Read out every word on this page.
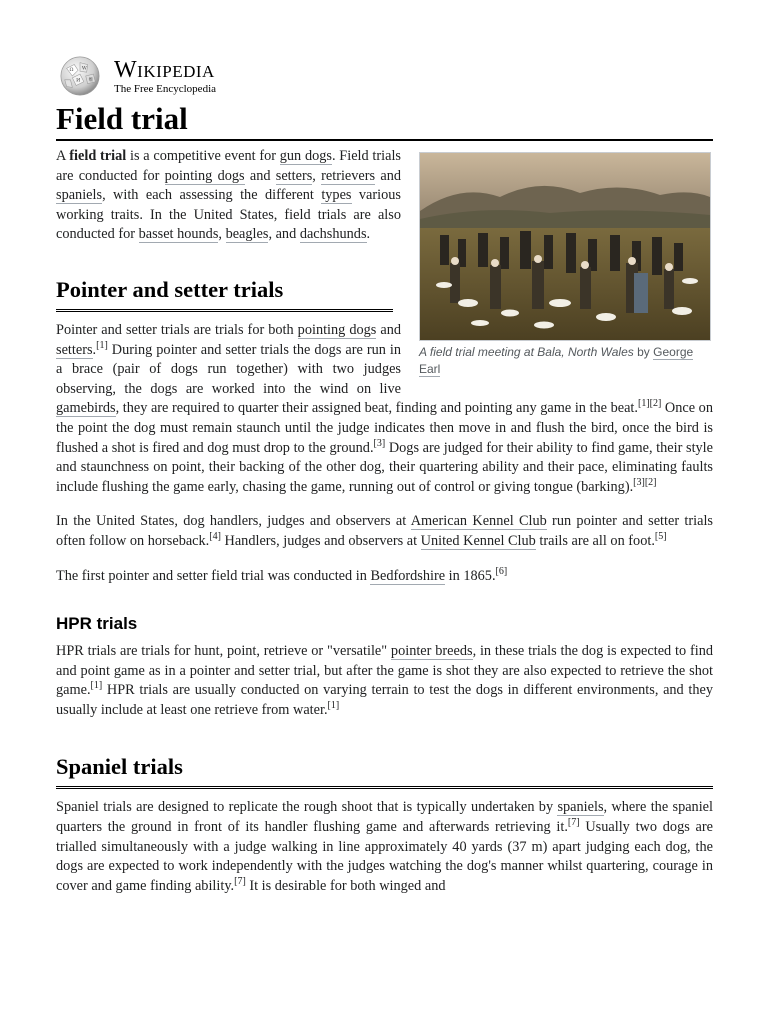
Ω W
И 维 Wikipedia
The Free Encyclopedia
Field trial
A field trial meeting at Bala, North Wales by George Earl

A field trial is a competitive event for gun dogs. Field trials are conducted for pointing dogs and setters, retrievers and spaniels, with each assessing the different types various working traits. In the United States, field trials are also conducted for basset hounds, beagles, and dachshunds.

Pointer and setter trials

Pointer and setter trials are trials for both pointing dogs and setters.[1] During pointer and setter trials the dogs are run in a brace (pair of dogs run together) with two judges observing, the dogs are worked into the wind on live gamebirds, they are required to quarter their assigned beat, finding and pointing any game in the beat.[1][2] Once on the point the dog must remain staunch until the judge indicates then move in and flush the bird, once the bird is flushed a shot is fired and dog must drop to the ground.[3] Dogs are judged for their ability to find game, their style and staunchness on point, their backing of the other dog, their quartering ability and their pace, eliminating faults include flushing the game early, chasing the game, running out of control or giving tongue (barking).[3][2]

In the United States, dog handlers, judges and observers at American Kennel Club run pointer and setter trials often follow on horseback.[4] Handlers, judges and observers at United Kennel Club trails are all on foot.[5]

The first pointer and setter field trial was conducted in Bedfordshire in 1865.[6]

HPR trials

HPR trials are trials for hunt, point, retrieve or "versatile" pointer breeds, in these trials the dog is expected to find and point game as in a pointer and setter trial, but after the game is shot they are also expected to retrieve the shot game.[1] HPR trials are usually conducted on varying terrain to test the dogs in different environments, and they usually include at least one retrieve from water.[1]

Spaniel trials

Spaniel trials are designed to replicate the rough shoot that is typically undertaken by spaniels, where the spaniel quarters the ground in front of its handler flushing game and afterwards retrieving it.[7] Usually two dogs are trialled simultaneously with a judge walking in line approximately 40 yards (37 m) apart judging each dog, the dogs are expected to work independently with the judges watching the dog's manner whilst quartering, courage in cover and game finding ability.[7] It is desirable for both winged and
